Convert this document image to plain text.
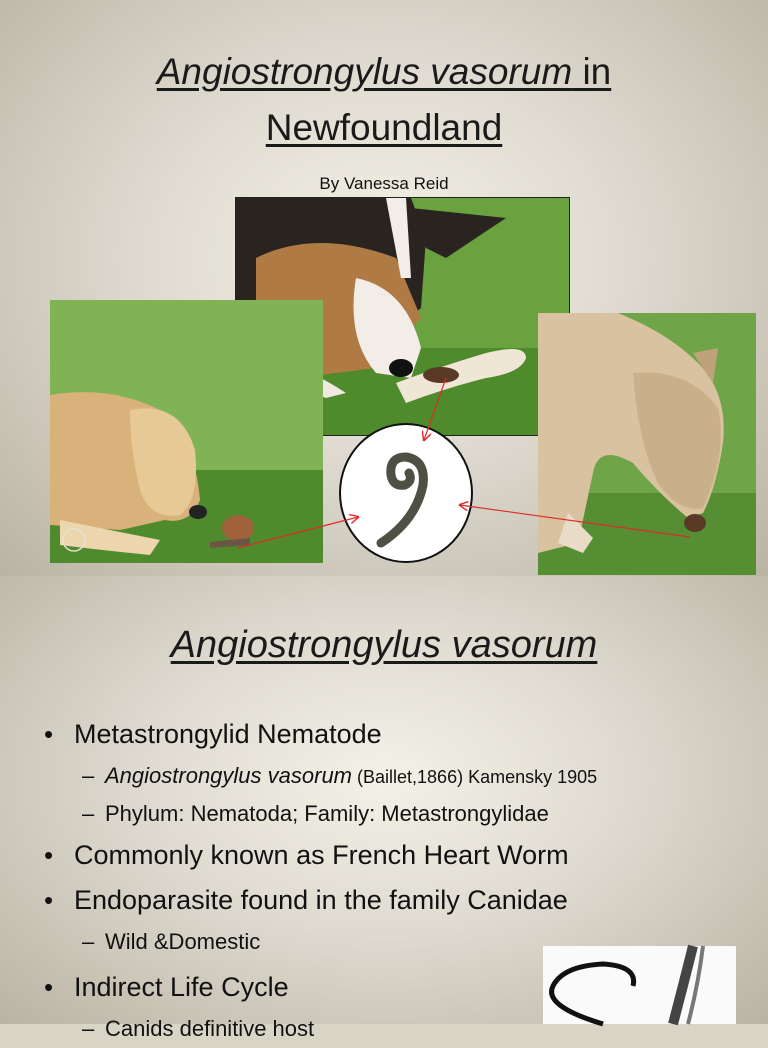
Angiostrongylus vasorum in
Newfoundland
By Vanessa Reid
Angiostrongylus vasorum
• Metastrongylid Nematode
– Angiostrongylus vasorum (Baillet,1866) Kamensky 1905
– Phylum: Nematoda; Family: Metastrongylidae
• Commonly known as French Heart Worm
• Endoparasite found in the family Canidae
– Wild &Domestic
• Indirect Life Cycle
– Canids definitive host
